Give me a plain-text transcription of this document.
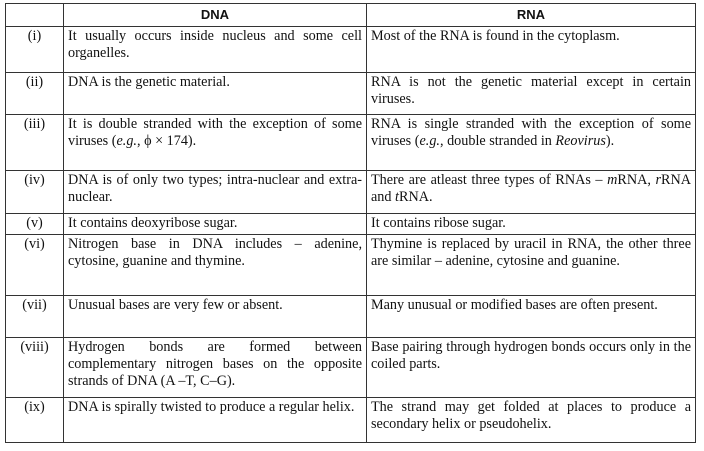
	DNA	RNA
(i)	It usually occurs inside nucleus and some cell organelles.	Most of the RNA is found in the cytoplasm.
(ii)	DNA is the genetic material.	RNA is not the genetic material except in certain viruses.
(iii)	It is double stranded with the exception of some viruses (e.g., ϕ × 174).	RNA is single stranded with the exception of some viruses (e.g., double stranded in Reovirus).
(iv)	DNA is of only two types; intra-nuclear and extra-nuclear.	There are atleast three types of RNAs – mRNA, rRNA and tRNA.
(v)	It contains deoxyribose sugar.	It contains ribose sugar.
(vi)	Nitrogen base in DNA includes – adenine, cytosine, guanine and thymine.	Thymine is replaced by uracil in RNA, the other three are similar – adenine, cytosine and guanine.
(vii)	Unusual bases are very few or absent.	Many unusual or modified bases are often present.
(viii)	Hydrogen bonds are formed between complementary nitrogen bases on the opposite strands of DNA (A –T, C–G).	Base pairing through hydrogen bonds occurs only in the coiled parts.
(ix)	DNA is spirally twisted to produce a regular helix.	The strand may get folded at places to produce a secondary helix or pseudohelix.
